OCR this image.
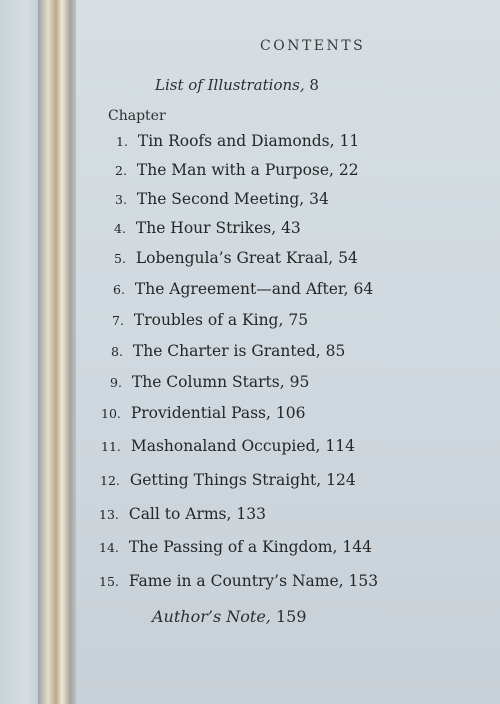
CONTENTS
List of Illustrations, 8
Chapter
1. Tin Roofs and Diamonds, 11
2. The Man with a Purpose, 22
3. The Second Meeting, 34
4. The Hour Strikes, 43
5. Lobengula’s Great Kraal, 54
6. The Agreement—and After, 64
7. Troubles of a King, 75
8. The Charter is Granted, 85
9. The Column Starts, 95
10. Providential Pass, 106
11. Mashonaland Occupied, 114
12. Getting Things Straight, 124
13. Call to Arms, 133
14. The Passing of a Kingdom, 144
15. Fame in a Country’s Name, 153
Author’s Note, 159
